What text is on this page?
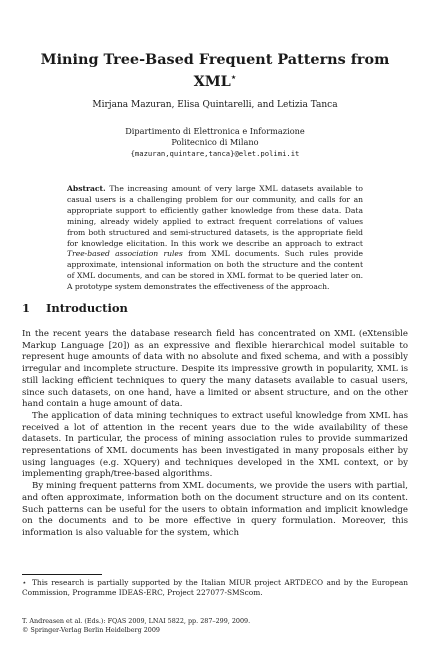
Mining Tree-Based Frequent Patterns from
XML⋆
Mirjana Mazuran, Elisa Quintarelli, and Letizia Tanca
Dipartimento di Elettronica e Informazione
Politecnico di Milano
{mazuran,quintare,tanca}@elet.polimi.it
Abstract. The increasing amount of very large XML datasets available to casual users is a challenging problem for our community, and calls for an appropriate support to efficiently gather knowledge from these data. Data mining, already widely applied to extract frequent correlations of values from both structured and semi-structured datasets, is the appropriate field for knowledge elicitation. In this work we describe an approach to extract Tree-based association rules from XML documents. Such rules provide approximate, intensional information on both the structure and the content of XML documents, and can be stored in XML format to be queried later on. A prototype system demonstrates the effectiveness of the approach.
1 Introduction

In the recent years the database research field has concentrated on XML (eXtensible Markup Language [20]) as an expressive and flexible hierarchical model suitable to represent huge amounts of data with no absolute and fixed schema, and with a possibly irregular and incomplete structure. Despite its impressive growth in popularity, XML is still lacking efficient techniques to query the many datasets available to casual users, since such datasets, on one hand, have a limited or absent structure, and on the other hand contain a huge amount of data.

The application of data mining techniques to extract useful knowledge from XML has received a lot of attention in the recent years due to the wide availability of these datasets. In particular, the process of mining association rules to provide summarized representations of XML documents has been investigated in many proposals either by using languages (e.g. XQuery) and techniques developed in the XML context, or by implementing graph/tree-based algorithms.

By mining frequent patterns from XML documents, we provide the users with partial, and often approximate, information both on the document structure and on its content. Such patterns can be useful for the users to obtain information and implicit knowledge on the documents and to be more effective in query formulation. Moreover, this information is also valuable for the system, which

⋆ This research is partially supported by the Italian MIUR project ARTDECO and by the European Commission, Programme IDEAS-ERC, Project 227077-SMScom.
T. Andreasen et al. (Eds.): FQAS 2009, LNAI 5822, pp. 287–299, 2009.
© Springer-Verlag Berlin Heidelberg 2009
